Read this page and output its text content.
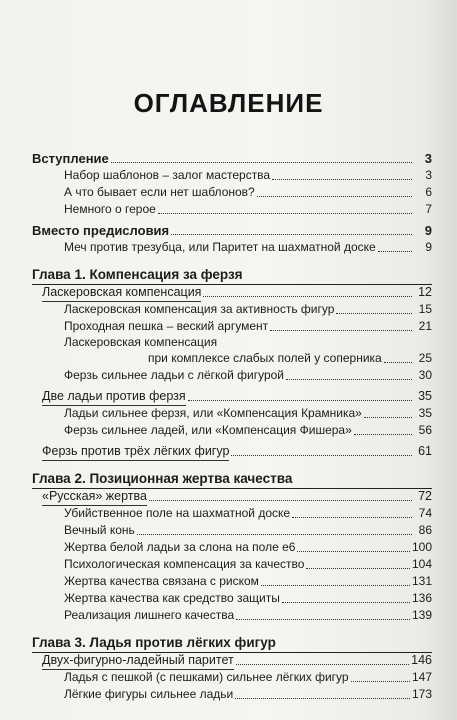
ОГЛАВЛЕНИЕ
Вступление	3
Набор шаблонов – залог мастерства	3
А что бывает если нет шаблонов?	6
Немного о герое	7
Вместо предисловия	9
Меч против трезубца, или Паритет на шахматной доске	9
Глава 1. Компенсация за ферзя
Ласкеровская компенсация	12
Ласкеровская компенсация за активность фигур	15
Проходная пешка – веский аргумент	21
Ласкеровская компенсация
при комплексе слабых полей у соперника	25
Ферзь сильнее ладьи с лёгкой фигурой	30
Две ладьи против ферзя	35
Ладьи сильнее ферзя, или «Компенсация Крамника»	35
Ферзь сильнее ладей, или «Компенсация Фишера»	56
Ферзь против трёх лёгких фигур	61
Глава 2. Позиционная жертва качества
«Русская» жертва	72
Убийственное поле на шахматной доске	74
Вечный конь	86
Жертва белой ладьи за слона на поле е6	100
Психологическая компенсация за качество	104
Жертва качества связана с риском	131
Жертва качества как средство защиты	136
Реализация лишнего качества	139
Глава 3. Ладья против лёгких фигур
Двух-фигурно-ладейный паритет	146
Ладья с пешкой (с пешками) сильнее лёгких фигур	147
Лёгкие фигуры сильнее ладьи	173
